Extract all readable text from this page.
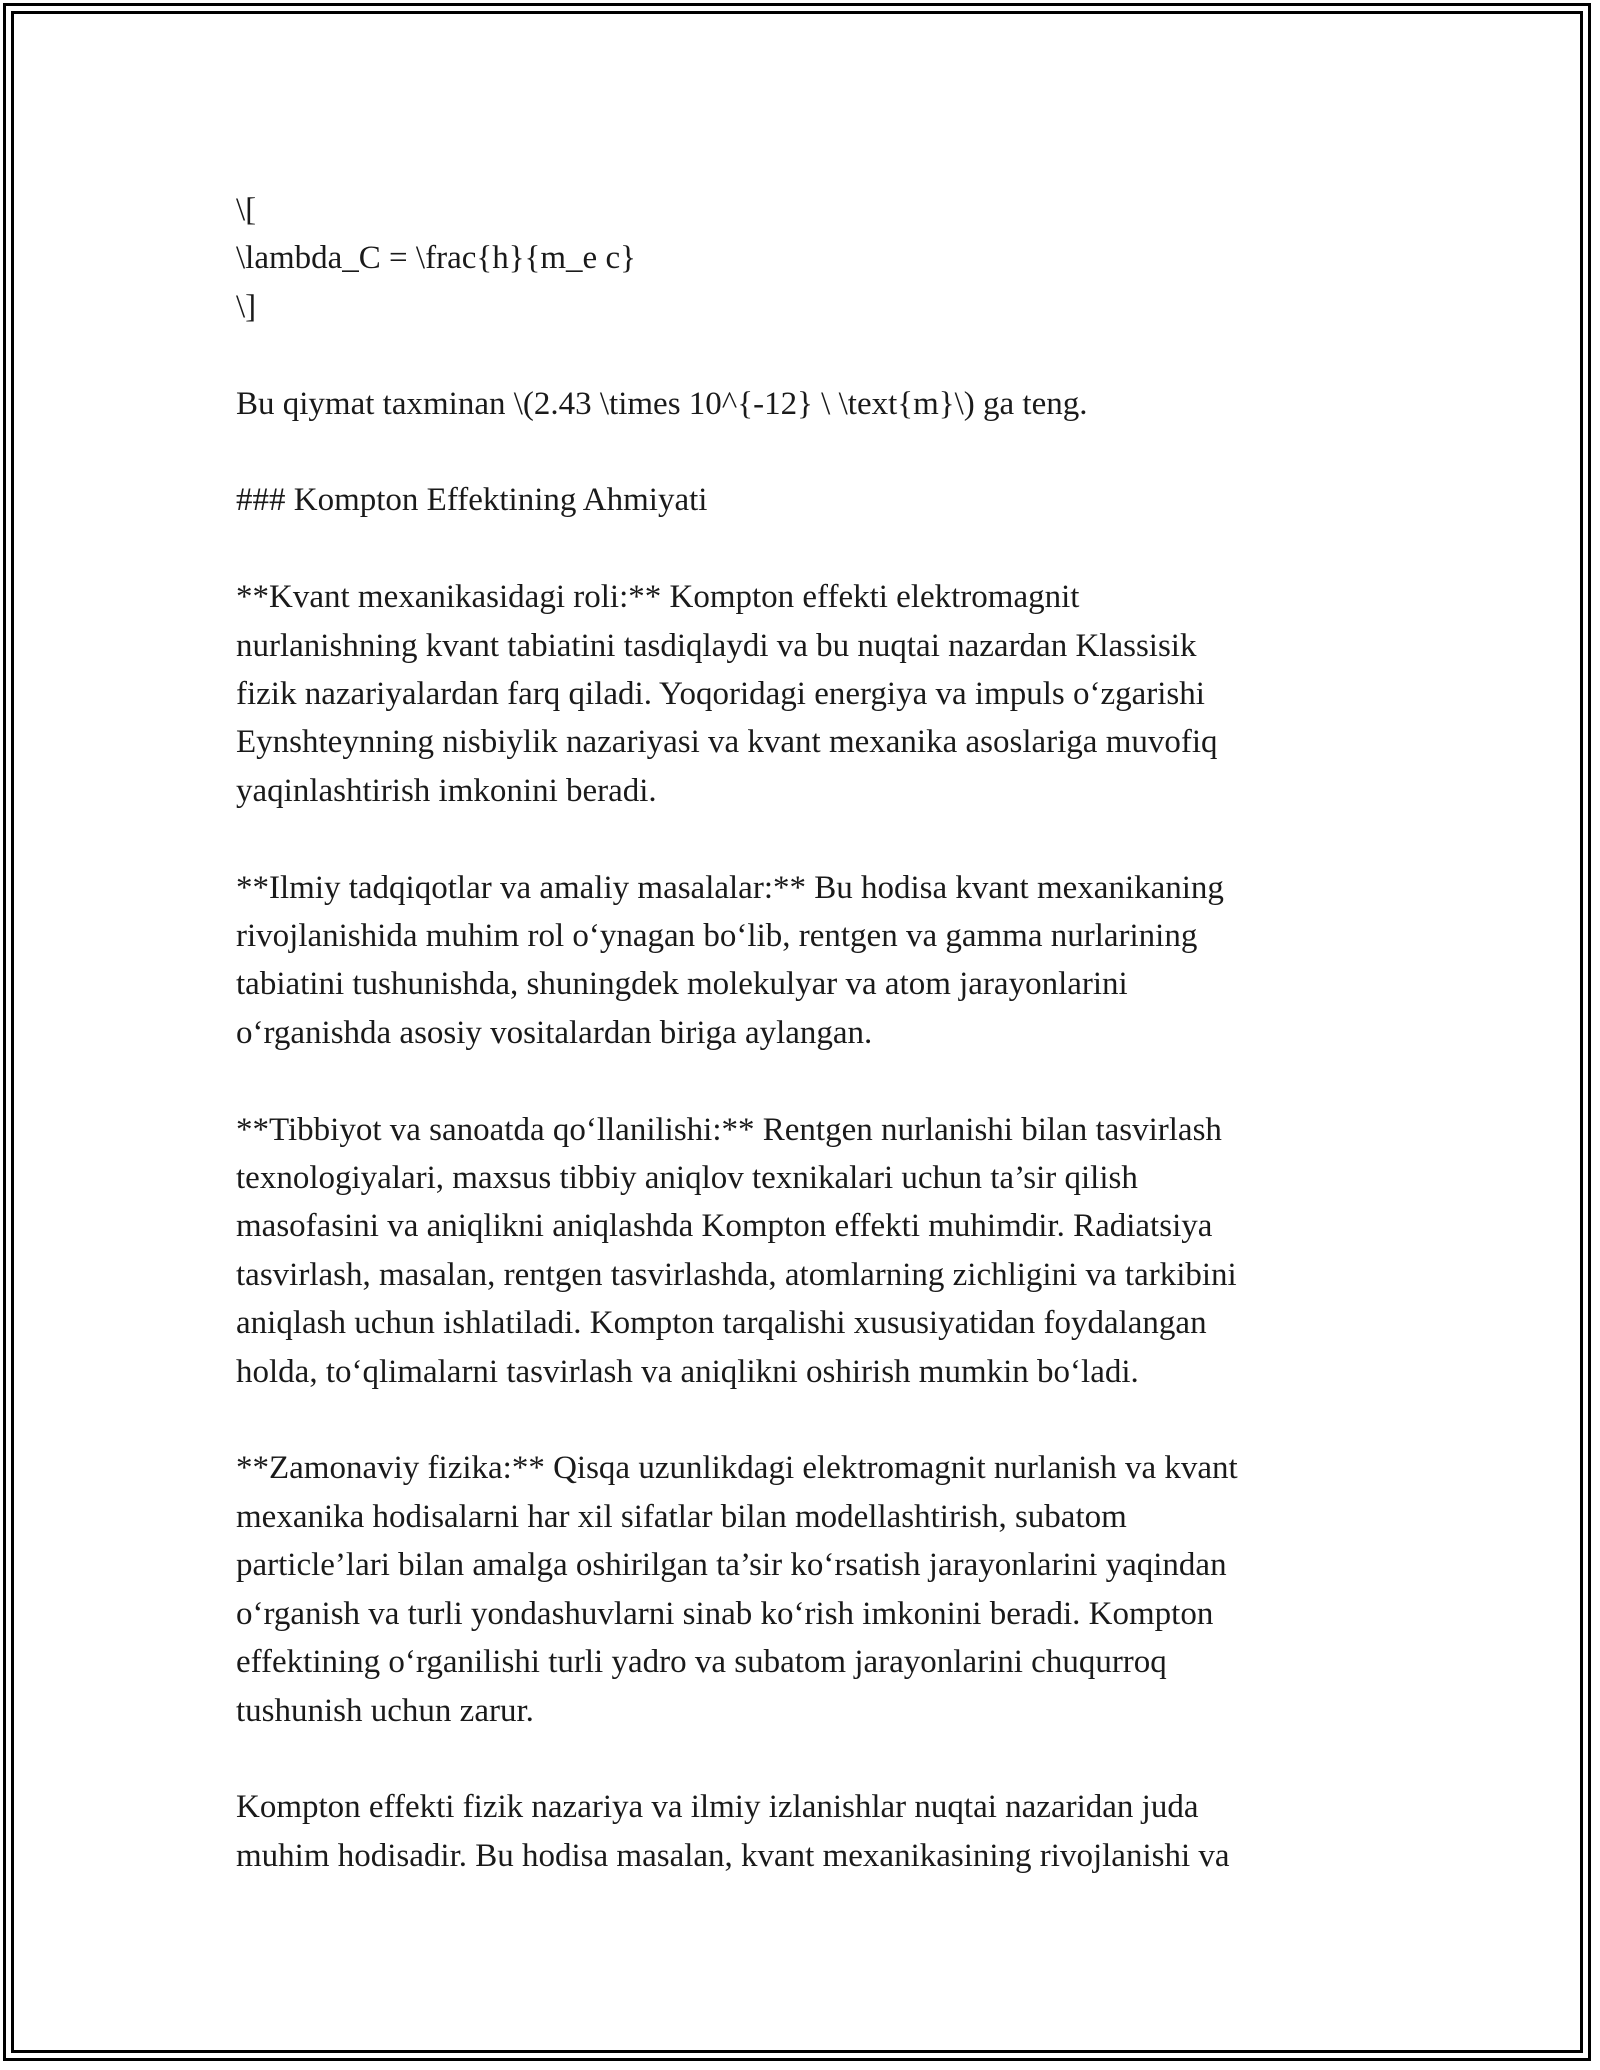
\[

\lambda_C = \frac{h}{m_e c}

\]

Bu qiymat taxminan \(2.43 \times 10^{-12} \ \text{m}\) ga teng.

### Kompton Effektining Ahmiyati

**Kvant mexanikasidagi roli:** Kompton effekti elektromagnit

nurlanishning kvant tabiatini tasdiqlaydi va bu nuqtai nazardan Klassisik

fizik nazariyalardan farq qiladi. Yoqoridagi energiya va impuls o‘zgarishi

Eynshteynning nisbiylik nazariyasi va kvant mexanika asoslariga muvofiq

yaqinlashtirish imkonini beradi.

**Ilmiy tadqiqotlar va amaliy masalalar:** Bu hodisa kvant mexanikaning

rivojlanishida muhim rol o‘ynagan bo‘lib, rentgen va gamma nurlarining

tabiatini tushunishda, shuningdek molekulyar va atom jarayonlarini

o‘rganishda asosiy vositalardan biriga aylangan.

**Tibbiyot va sanoatda qo‘llanilishi:** Rentgen nurlanishi bilan tasvirlash

texnologiyalari, maxsus tibbiy aniqlov texnikalari uchun ta’sir qilish

masofasini va aniqlikni aniqlashda Kompton effekti muhimdir. Radiatsiya

tasvirlash, masalan, rentgen tasvirlashda, atomlarning zichligini va tarkibini

aniqlash uchun ishlatiladi. Kompton tarqalishi xususiyatidan foydalangan

holda, to‘qlimalarni tasvirlash va aniqlikni oshirish mumkin bo‘ladi.

**Zamonaviy fizika:** Qisqa uzunlikdagi elektromagnit nurlanish va kvant

mexanika hodisalarni har xil sifatlar bilan modellashtirish, subatom

particle’lari bilan amalga oshirilgan ta’sir ko‘rsatish jarayonlarini yaqindan

o‘rganish va turli yondashuvlarni sinab ko‘rish imkonini beradi. Kompton

effektining o‘rganilishi turli yadro va subatom jarayonlarini chuqurroq

tushunish uchun zarur.

Kompton effekti fizik nazariya va ilmiy izlanishlar nuqtai nazaridan juda

muhim hodisadir. Bu hodisa masalan, kvant mexanikasining rivojlanishi va
